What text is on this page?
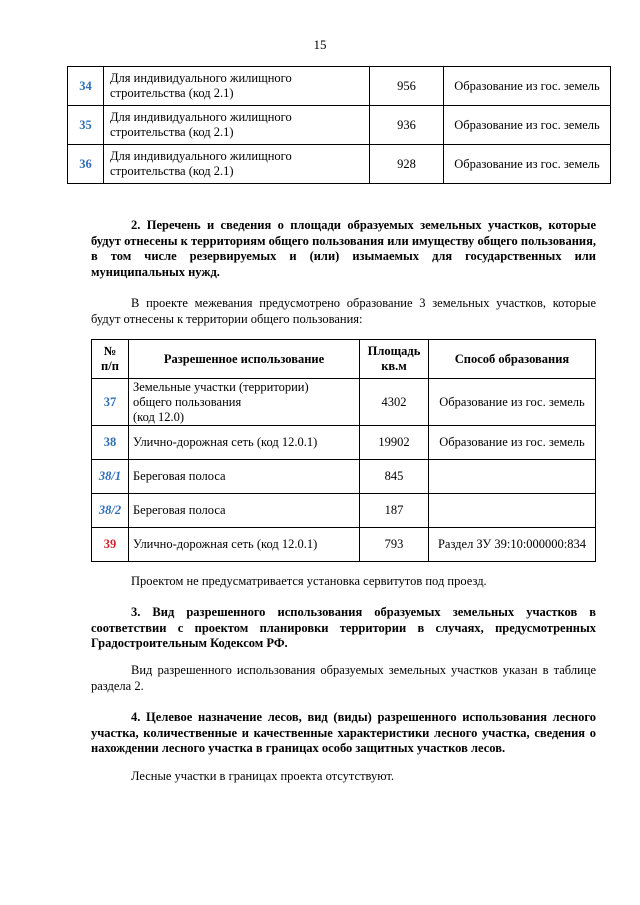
15
34	Для индивидуального жилищного
строительства (код 2.1)	956	Образование из гос. земель
35	Для индивидуального жилищного
строительства (код 2.1)	936	Образование из гос. земель
36	Для индивидуального жилищного
строительства (код 2.1)	928	Образование из гос. земель
2. Перечень и сведения о площади образуемых земельных участков, которые будут отнесены к территориям общего пользования или имуществу общего пользования, в том числе резервируемых и (или) изымаемых для государственных или муниципальных нужд.
В проекте межевания предусмотрено образование 3 земельных участков, которые будут отнесены к территории общего пользования:
№
п/п	Разрешенное использование	Площадь
кв.м	Способ образования
37	Земельные участки (территории)
общего пользования
(код 12.0)	4302	Образование из гос. земель
38	Улично-дорожная сеть (код 12.0.1)	19902	Образование из гос. земель
38/1	Береговая полоса	845	
38/2	Береговая полоса	187	
39	Улично-дорожная сеть (код 12.0.1)	793	Раздел ЗУ 39:10:000000:834
Проектом не предусматривается установка сервитутов под проезд.
3. Вид разрешенного использования образуемых земельных участков в соответствии с проектом планировки территории в случаях, предусмотренных Градостроительным Кодексом РФ.
Вид разрешенного использования образуемых земельных участков указан в таблице раздела 2.
4. Целевое назначение лесов, вид (виды) разрешенного использования лесного участка, количественные и качественные характеристики лесного участка, сведения о нахождении лесного участка в границах особо защитных участков лесов.
Лесные участки в границах проекта отсутствуют.
